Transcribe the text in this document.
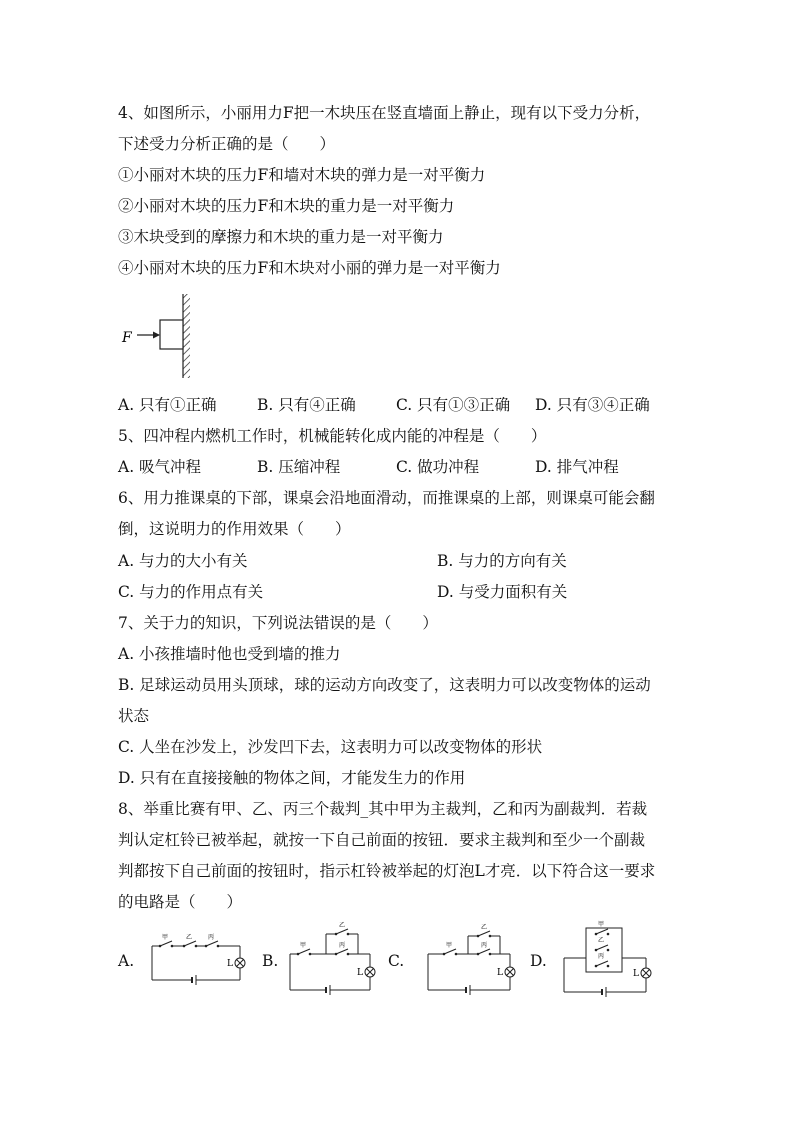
4、如图所示，小丽用力F把一木块压在竖直墙面上静止，现有以下受力分析，
下述受力分析正确的是（　　）
①小丽对木块的压力F和墙对木块的弹力是一对平衡力
②小丽对木块的压力F和木块的重力是一对平衡力
③木块受到的摩擦力和木块的重力是一对平衡力
④小丽对木块的压力F和木块对小丽的弹力是一对平衡力
F
A. 只有①正确	B. 只有④正确	C. 只有①③正确 D. 只有③④正确
5、四冲程内燃机工作时，机械能转化成内能的冲程是（　　）
A. 吸气冲程	B. 压缩冲程	C. 做功冲程	D. 排气冲程
6、用力推课桌的下部，课桌会沿地面滑动，而推课桌的上部，则课桌可能会翻
倒，这说明力的作用效果（　　）
A. 与力的大小有关	B. 与力的方向有关
C. 与力的作用点有关	D. 与受力面积有关
7、关于力的知识，下列说法错误的是（　　）
A. 小孩推墙时他也受到墙的推力
B. 足球运动员用头顶球，球的运动方向改变了，这表明力可以改变物体的运动
状态
C. 人坐在沙发上，沙发凹下去，这表明力可以改变物体的形状
D. 只有在直接接触的物体之间，才能发生力的作用
8、举重比赛有甲、乙、丙三个裁判_其中甲为主裁判，乙和丙为副裁判．若裁
判认定杠铃已被举起，就按一下自己前面的按钮．要求主裁判和至少一个副裁
判都按下自己前面的按钮时，指示杠铃被举起的灯泡L才亮．以下符合这一要求
的电路是（　　）
A.	B.	C.	D.
甲	乙	丙
L
甲
乙
丙
L
乙
甲	丙
L
甲
乙
丙
L
